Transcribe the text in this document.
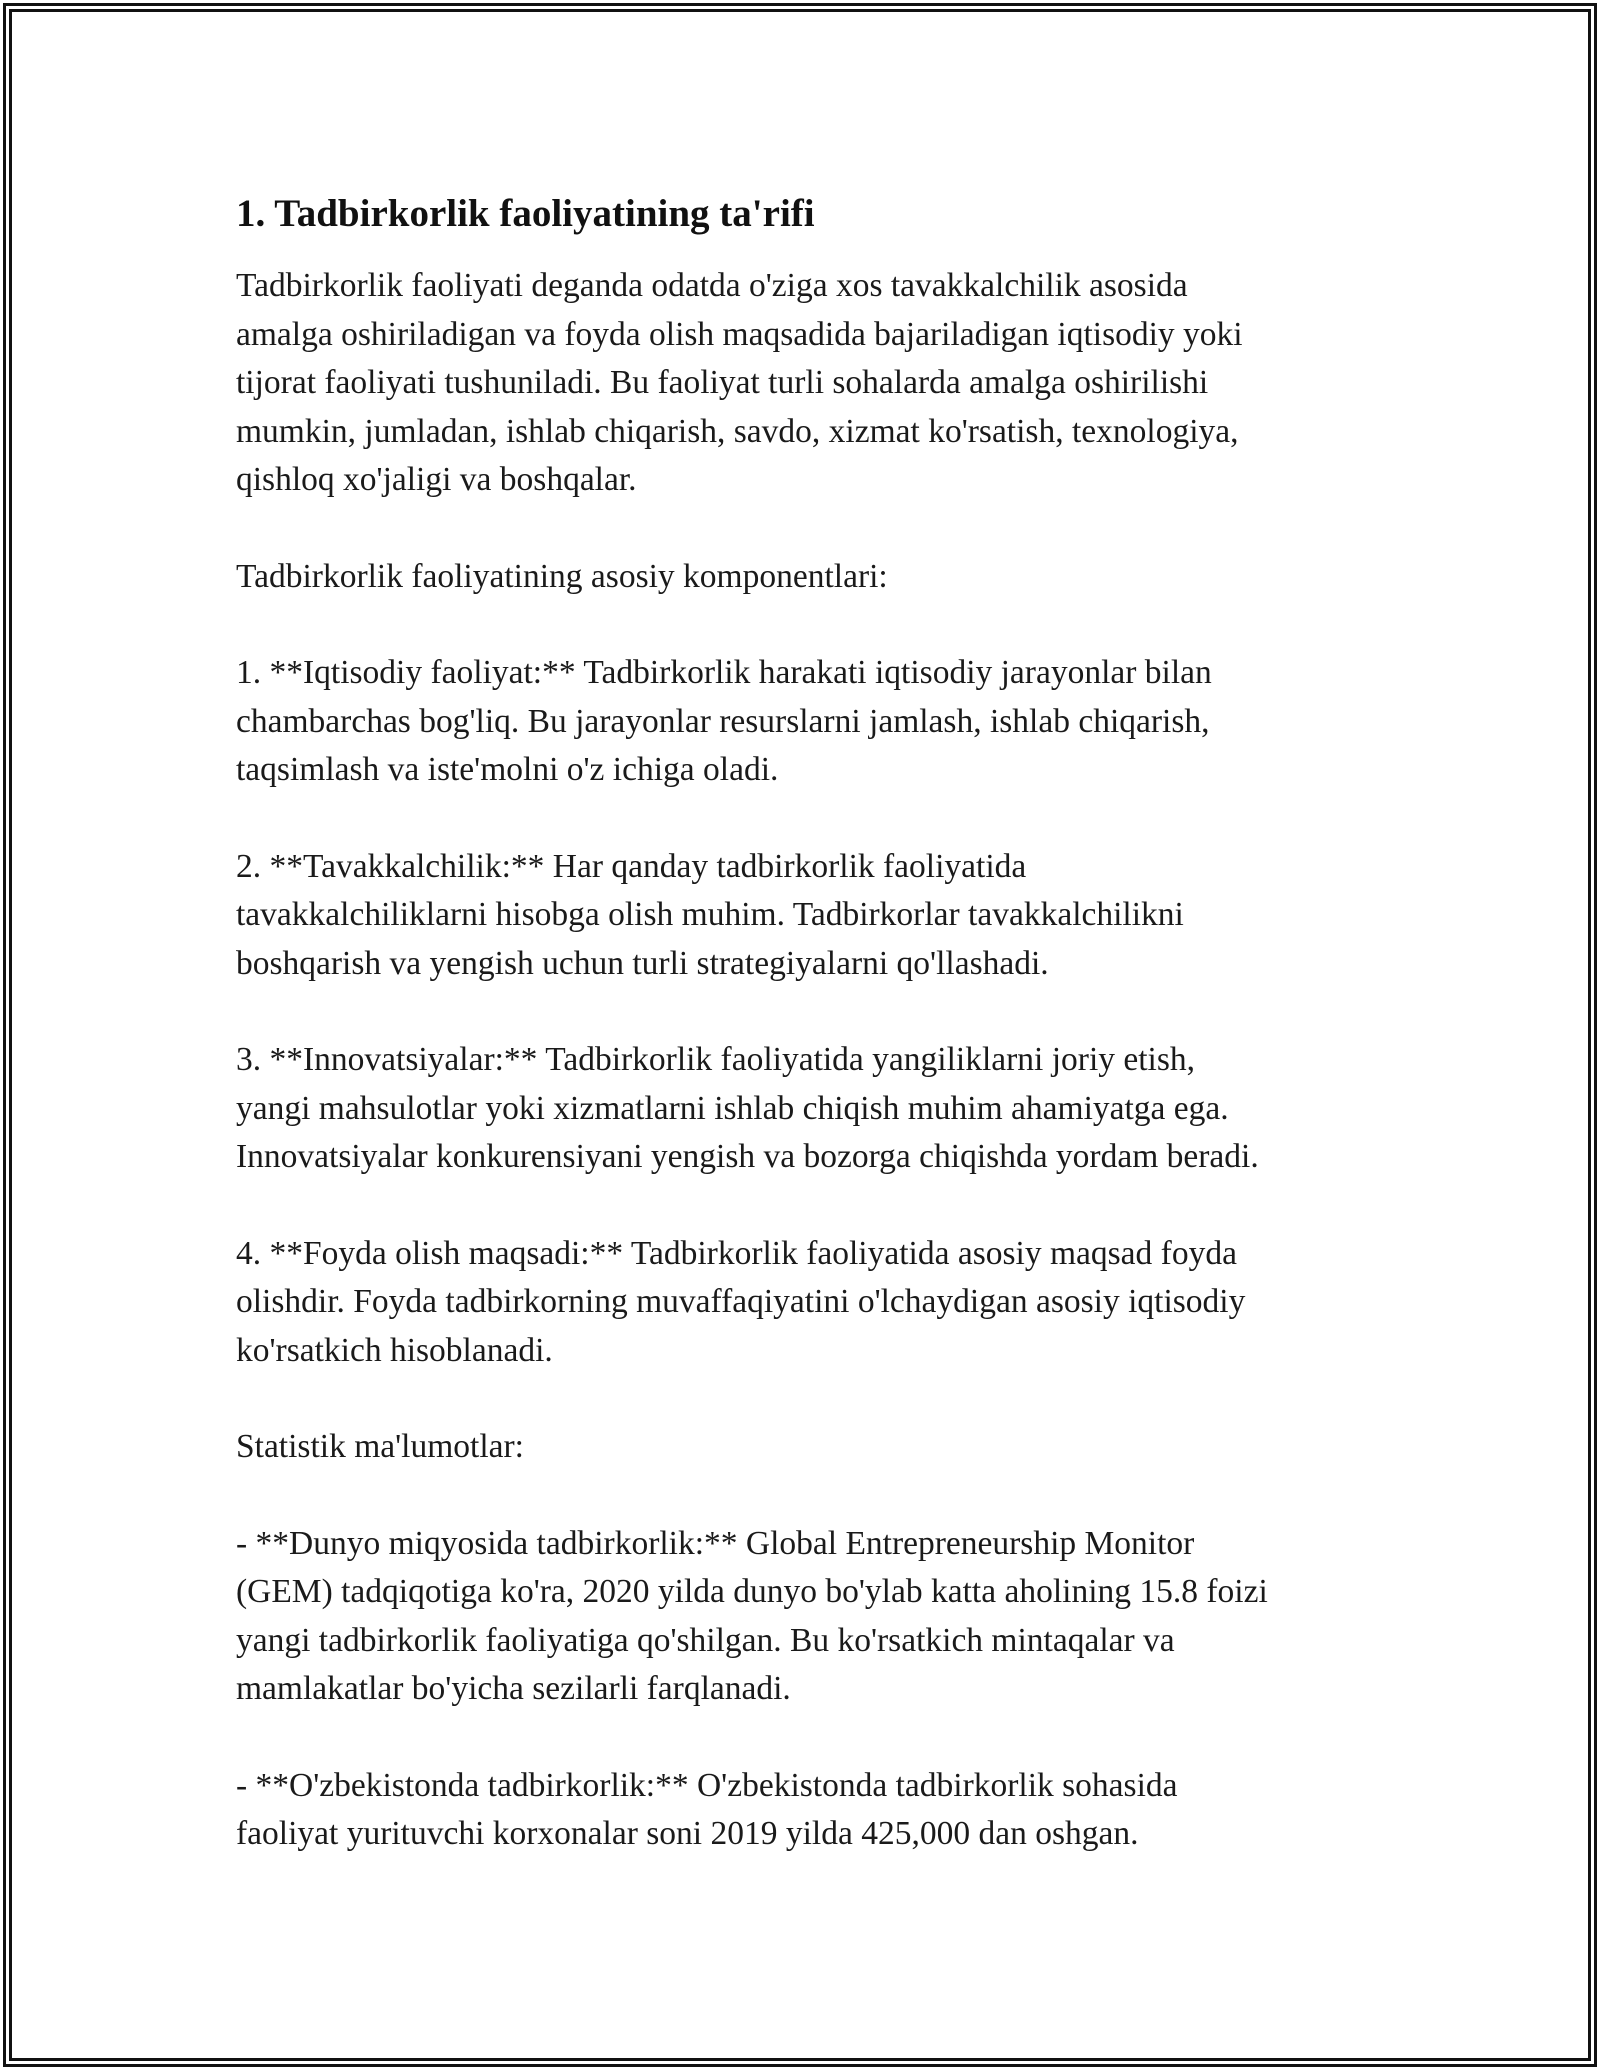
1. Tadbirkorlik faoliyatining ta'rifi

Tadbirkorlik faoliyati deganda odatda o'ziga xos tavakkalchilik asosida
amalga oshiriladigan va foyda olish maqsadida bajariladigan iqtisodiy yoki
tijorat faoliyati tushuniladi. Bu faoliyat turli sohalarda amalga oshirilishi
mumkin, jumladan, ishlab chiqarish, savdo, xizmat ko'rsatish, texnologiya,
qishloq xo'jaligi va boshqalar.

Tadbirkorlik faoliyatining asosiy komponentlari:

1. **Iqtisodiy faoliyat:** Tadbirkorlik harakati iqtisodiy jarayonlar bilan
chambarchas bog'liq. Bu jarayonlar resurslarni jamlash, ishlab chiqarish,
taqsimlash va iste'molni o'z ichiga oladi.

2. **Tavakkalchilik:** Har qanday tadbirkorlik faoliyatida
tavakkalchiliklarni hisobga olish muhim. Tadbirkorlar tavakkalchilikni
boshqarish va yengish uchun turli strategiyalarni qo'llashadi.

3. **Innovatsiyalar:** Tadbirkorlik faoliyatida yangiliklarni joriy etish,
yangi mahsulotlar yoki xizmatlarni ishlab chiqish muhim ahamiyatga ega.
Innovatsiyalar konkurensiyani yengish va bozorga chiqishda yordam beradi.

4. **Foyda olish maqsadi:** Tadbirkorlik faoliyatida asosiy maqsad foyda
olishdir. Foyda tadbirkorning muvaffaqiyatini o'lchaydigan asosiy iqtisodiy
ko'rsatkich hisoblanadi.

Statistik ma'lumotlar:

- **Dunyo miqyosida tadbirkorlik:** Global Entrepreneurship Monitor
(GEM) tadqiqotiga ko'ra, 2020 yilda dunyo bo'ylab katta aholining 15.8 foizi
yangi tadbirkorlik faoliyatiga qo'shilgan. Bu ko'rsatkich mintaqalar va
mamlakatlar bo'yicha sezilarli farqlanadi.

- **O'zbekistonda tadbirkorlik:** O'zbekistonda tadbirkorlik sohasida
faoliyat yurituvchi korxonalar soni 2019 yilda 425,000 dan oshgan.
